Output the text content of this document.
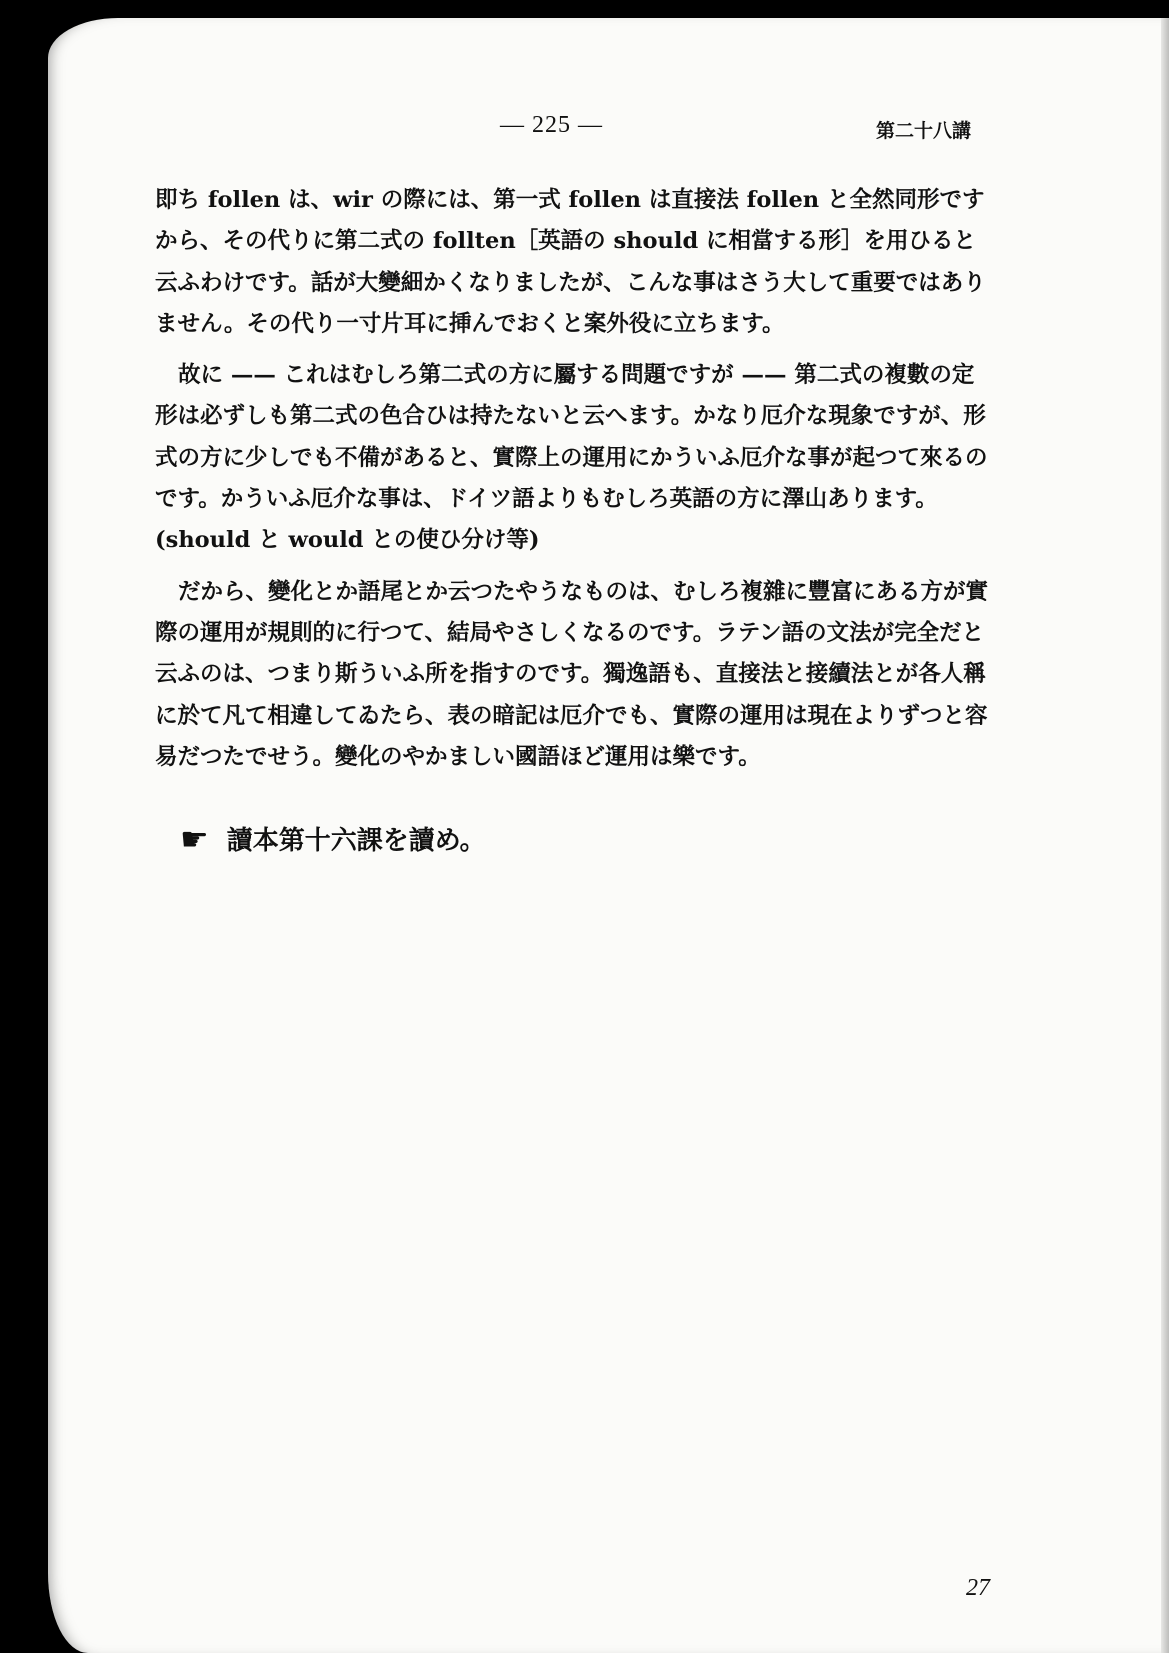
— 225 —	第二十八講

即ち follen は、wir の際には、第一式 follen は直接法 follen と全然同形ですから、その代りに第二式の follten［英語の should に相當する形］を用ひると云ふわけです。話が大變細かくなりましたが、こんな事はさう大して重要ではありません。その代り一寸片耳に挿んでおくと案外役に立ちます。

故に —— これはむしろ第二式の方に屬する問題ですが —— 第二式の複數の定形は必ずしも第二式の色合ひは持たないと云へます。かなり厄介な現象ですが、形式の方に少しでも不備があると、實際上の運用にかういふ厄介な事が起つて來るのです。かういふ厄介な事は、ドイツ語よりもむしろ英語の方に澤山あります。(should と would との使ひ分け等)

だから、變化とか語尾とか云つたやうなものは、むしろ複雜に豐富にある方が實際の運用が規則的に行つて、結局やさしくなるのです。ラテン語の文法が完全だと云ふのは、つまり斯ういふ所を指すのです。獨逸語も、直接法と接續法とが各人稱に於て凡て相違してゐたら、表の暗記は厄介でも、實際の運用は現在よりずつと容易だつたでせう。變化のやかましい國語ほど運用は樂です。

☛ 讀本第十六課を讀め。
27
